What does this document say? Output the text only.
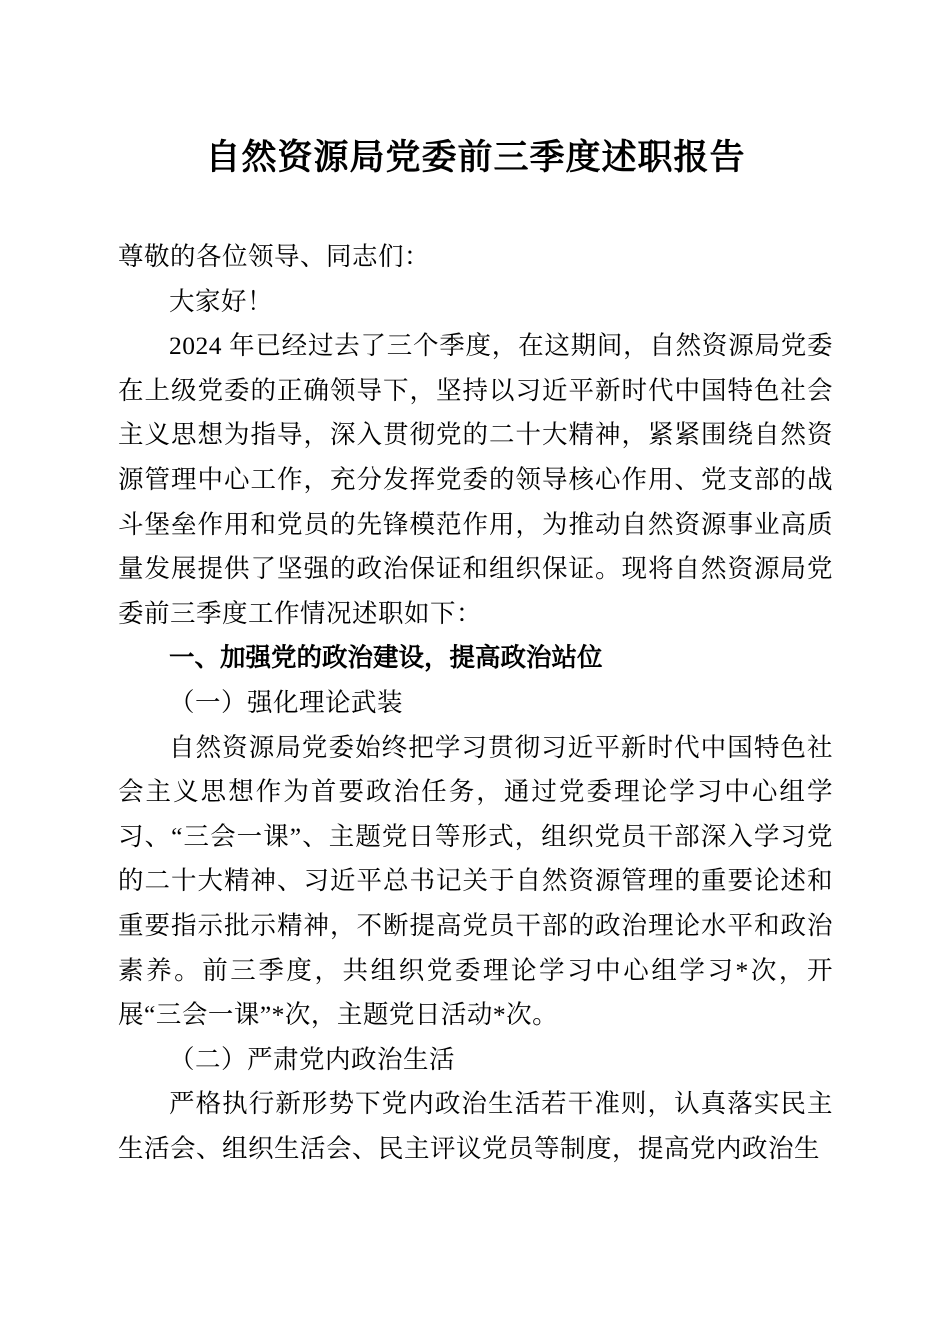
自然资源局党委前三季度述职报告

尊敬的各位领导、同志们：

大家好！

2024 年已经过去了三个季度，在这期间，自然资源局党委在上级党委的正确领导下，坚持以习近平新时代中国特色社会主义思想为指导，深入贯彻党的二十大精神，紧紧围绕自然资源管理中心工作，充分发挥党委的领导核心作用、党支部的战斗堡垒作用和党员的先锋模范作用，为推动自然资源事业高质量发展提供了坚强的政治保证和组织保证。现将自然资源局党委前三季度工作情况述职如下：

一、加强党的政治建设，提高政治站位

（一）强化理论武装

自然资源局党委始终把学习贯彻习近平新时代中国特色社会主义思想作为首要政治任务，通过党委理论学习中心组学习、“三会一课”、主题党日等形式，组织党员干部深入学习党的二十大精神、习近平总书记关于自然资源管理的重要论述和重要指示批示精神，不断提高党员干部的政治理论水平和政治素养。前三季度，共组织党委理论学习中心组学习*次，开展“三会一课”*次，主题党日活动*次。

（二）严肃党内政治生活

严格执行新形势下党内政治生活若干准则，认真落实民主生活会、组织生活会、民主评议党员等制度，提高党内政治生
